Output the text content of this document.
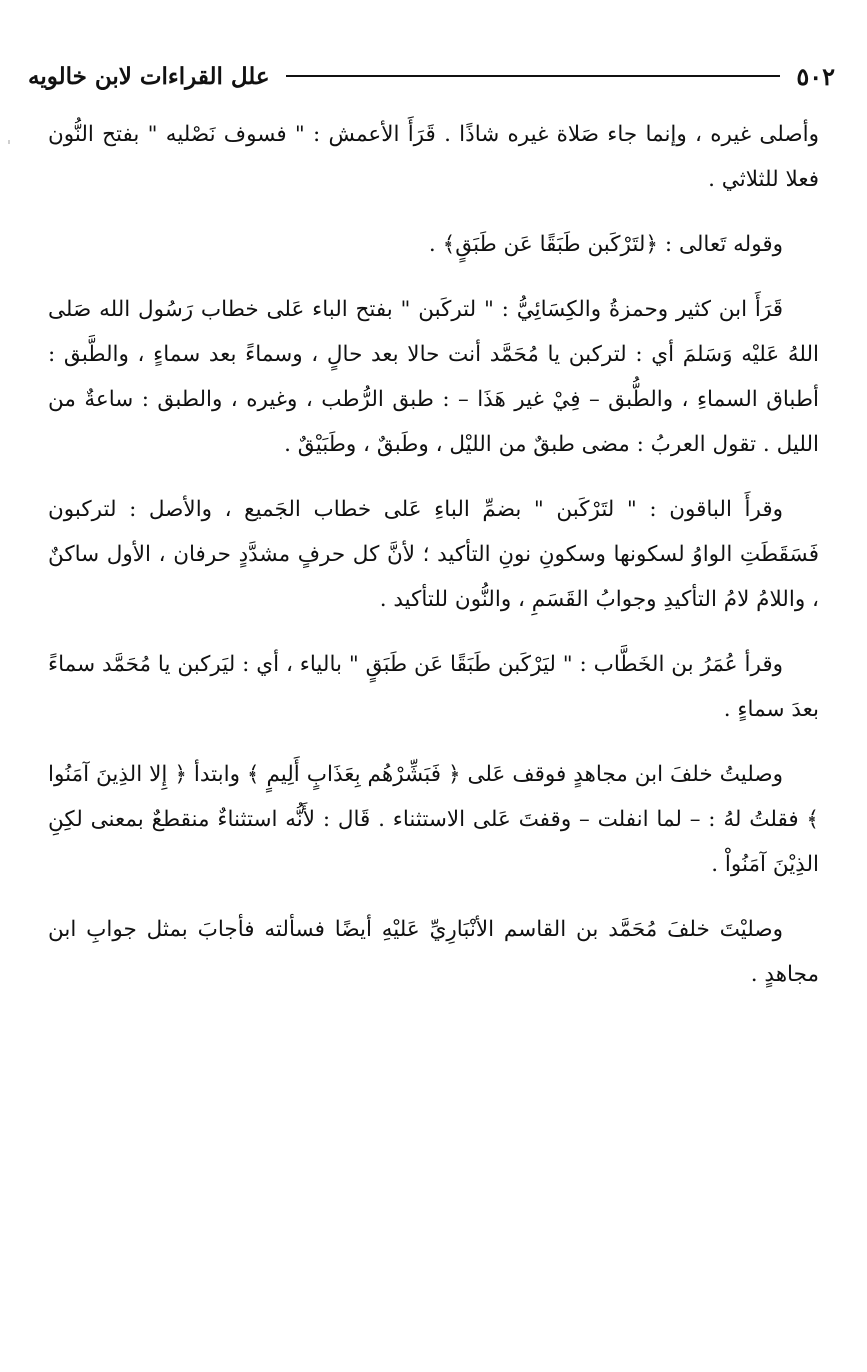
٥٠٢
علل القراءات لابن خالويه

وأصلى غيره ، وإنما جاء صَلاة غيره شاذًا . قَرَأَ الأعمش : " فسوف نَصْليه " بفتح النُّون فعلا للثلاثي .

وقوله تَعالى : ﴿لتَرْكَبن طَبَقًا عَن طَبَقٍ﴾ .

قَرَأَ ابن كثير وحمزةُ والكِسَائِيُّ : " لتركَبن " بفتح الباء عَلى خطاب رَسُول الله صَلى اللهُ عَليْه وَسَلمَ أي : لتركبن يا مُحَمَّد أنت حالا بعد حالٍ ، وسماءً بعد سماءٍ ، والطَّبق : أطباق السماءِ ، والطُّبق – فِيْ غير هَذَا – : طبق الرُّطب ، وغيره ، والطبق : ساعةٌ من الليل . تقول العربُ : مضى طبقٌ من الليْل ، وطَبقٌ ، وطَبَيْقٌ .

وقرأَ الباقون : " لتَرْكَبن " بضمِّ الباءِ عَلى خطاب الجَميع ، والأصل : لتركبون فَسَقَطَتِ الواوُ لسكونها وسكونِ نونِ التأكيد ؛ لأنَّ كل حرفٍ مشدَّدٍ حرفان ، الأول ساكنٌ ، واللامُ لامُ التأكيدِ وجوابُ القَسَمِ ، والنُّون للتأكيد .

وقرأ عُمَرُ بن الخَطَّاب : " ليَرْكَبن طَبَقًا عَن طَبَقٍ " بالياء ، أي : ليَركبن يا مُحَمَّد سماءً بعدَ سماءٍ .

وصليتُ خلفَ ابن مجاهدٍ فوقف عَلى ﴿ فَبَشِّرْهُم بِعَذَابٍ أَلِيمٍ ﴾ وابتدأ ﴿ إِلا الذِينَ آمَنُوا ﴾ فقلتُ لهُ : – لما انفلت – وقفتَ عَلى الاستثناء . قَال : لأَنُّه استثناءٌ منقطعٌ بمعنى لكِنِ الذِيْنَ آمَنُواْ .

وصليْتَ خلفَ مُحَمَّد بن القاسم الأنْبَارِيِّ عَليْهِ أيضًا فسألته فأجابَ بمثل جوابِ ابن مجاهدٍ .
